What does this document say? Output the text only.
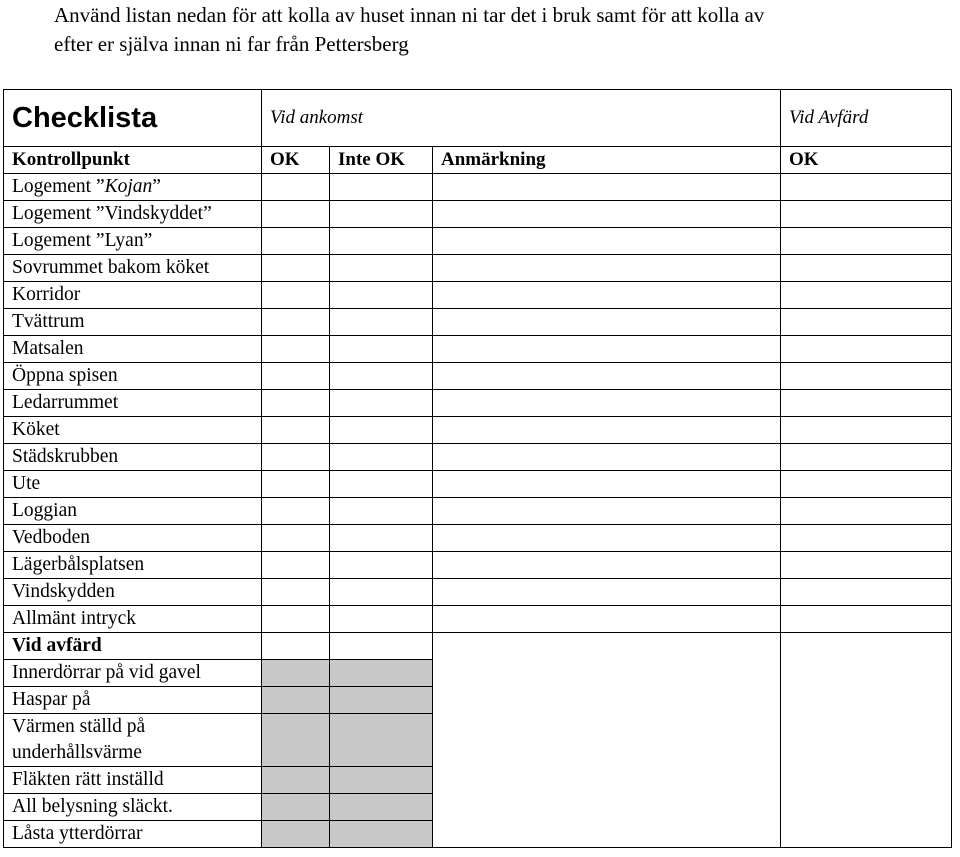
Använd listan nedan för att kolla av huset innan ni tar det i bruk samt för att kolla av

efter er själva innan ni far från Pettersberg

Checklista	Vid ankomst			Vid Avfärd
Kontrollpunkt	OK	Inte OK	Anmärkning	OK
Logement ”Kojan”				
Logement ”Vindskyddet”				
Logement ”Lyan”				
Sovrummet bakom köket				
Korridor				
Tvättrum				
Matsalen				
Öppna spisen				
Ledarrummet				
Köket				
Städskrubben				
Ute				
Loggian				
Vedboden				
Lägerbålsplatsen				
Vindskydden				
Allmänt intryck				
Vid avfärd				
Innerdörrar på vid gavel				
Haspar på				
Värmen ställd på
underhållsvärme				
Fläkten rätt inställd				
All belysning släckt.				
Låsta ytterdörrar				
